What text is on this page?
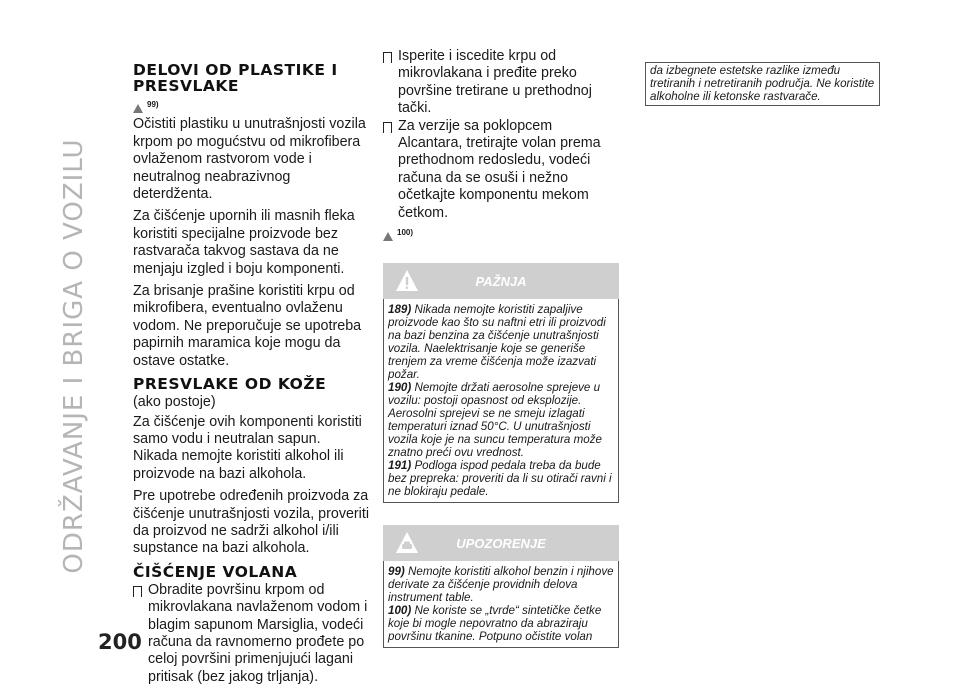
ODRŽAVANJE I BRIGA O VOZILU
200
DELOVI OD PLASTIKE I PRESVLAKE
99)

Očistiti plastiku u unutrašnjosti vozila krpom po mogućstvu od mikrofibera ovlaženom rastvorom vode i neutralnog neabrazivnog deterdženta.

Za čišćenje upornih ili masnih fleka koristiti specijalne proizvode bez rastvarača takvog sastava da ne menjaju izgled i boju komponenti.

Za brisanje prašine koristiti krpu od mikrofibera, eventualno ovlaženu vodom. Ne preporučuje se upotreba papirnih maramica koje mogu da ostave ostatke.

PRESVLAKE OD KOŽE

(ako postoje)

Za čišćenje ovih komponenti koristiti samo vodu i neutralan sapun. Nikada nemojte koristiti alkohol ili proizvode na bazi alkohola.

Pre upotrebe određenih proizvoda za čišćenje unutrašnjosti vozila, proveriti da proizvod ne sadrži alkohol i/ili supstance na bazi alkohola.

ČIŠĆENJE VOLANA
Obradite površinu krpom od mikrovlakana navlaženom vodom i blagim sapunom Marsiglia, vodeći računa da ravnomerno prođete po celoj površini primenjujući lagani pritisak (bez jakog trljanja).
Isperite i iscedite krpu od mikrovlakana i pređite preko površine tretirane u prethodnoj tački.
Za verzije sa poklopcem Alcantara, tretirajte volan prema prethodnom redosledu, vodeći računa da se osuši i nežno očetkajte komponentu mekom četkom.
100)
PAŽNJA

189) Nikada nemojte koristiti zapaljive proizvode kao što su naftni etri ili proizvodi na bazi benzina za čišćenje unutrašnjosti vozila. Naelektrisanje koje se generiše trenjem za vreme čišćenja može izazvati požar.

190) Nemojte držati aerosolne spreјeve u vozilu: postoji opasnost od eksplozije. Aerosolni sprejevi se ne smeju izlagati temperaturi iznad 50°C. U unutrašnjosti vozila koje je na suncu temperatura može znatno preći ovu vrednost.

191) Podloga ispod pedala treba da bude bez prepreka: proveriti da li su otirači ravni i ne blokiraju pedale.

UPOZORENJE

99) Nemojte koristiti alkohol benzin i njihove derivate za čišćenje providnih delova instrument table.

100) Ne koriste se „tvrde“ sintetičke četke koje bi mogle nepovratno da abraziraju površinu tkanine. Potpuno očistite volan

da izbegnete estetske razlike između tretiranih i netretiranih područja. Ne koristite alkoholne ili ketonske rastvarače.
